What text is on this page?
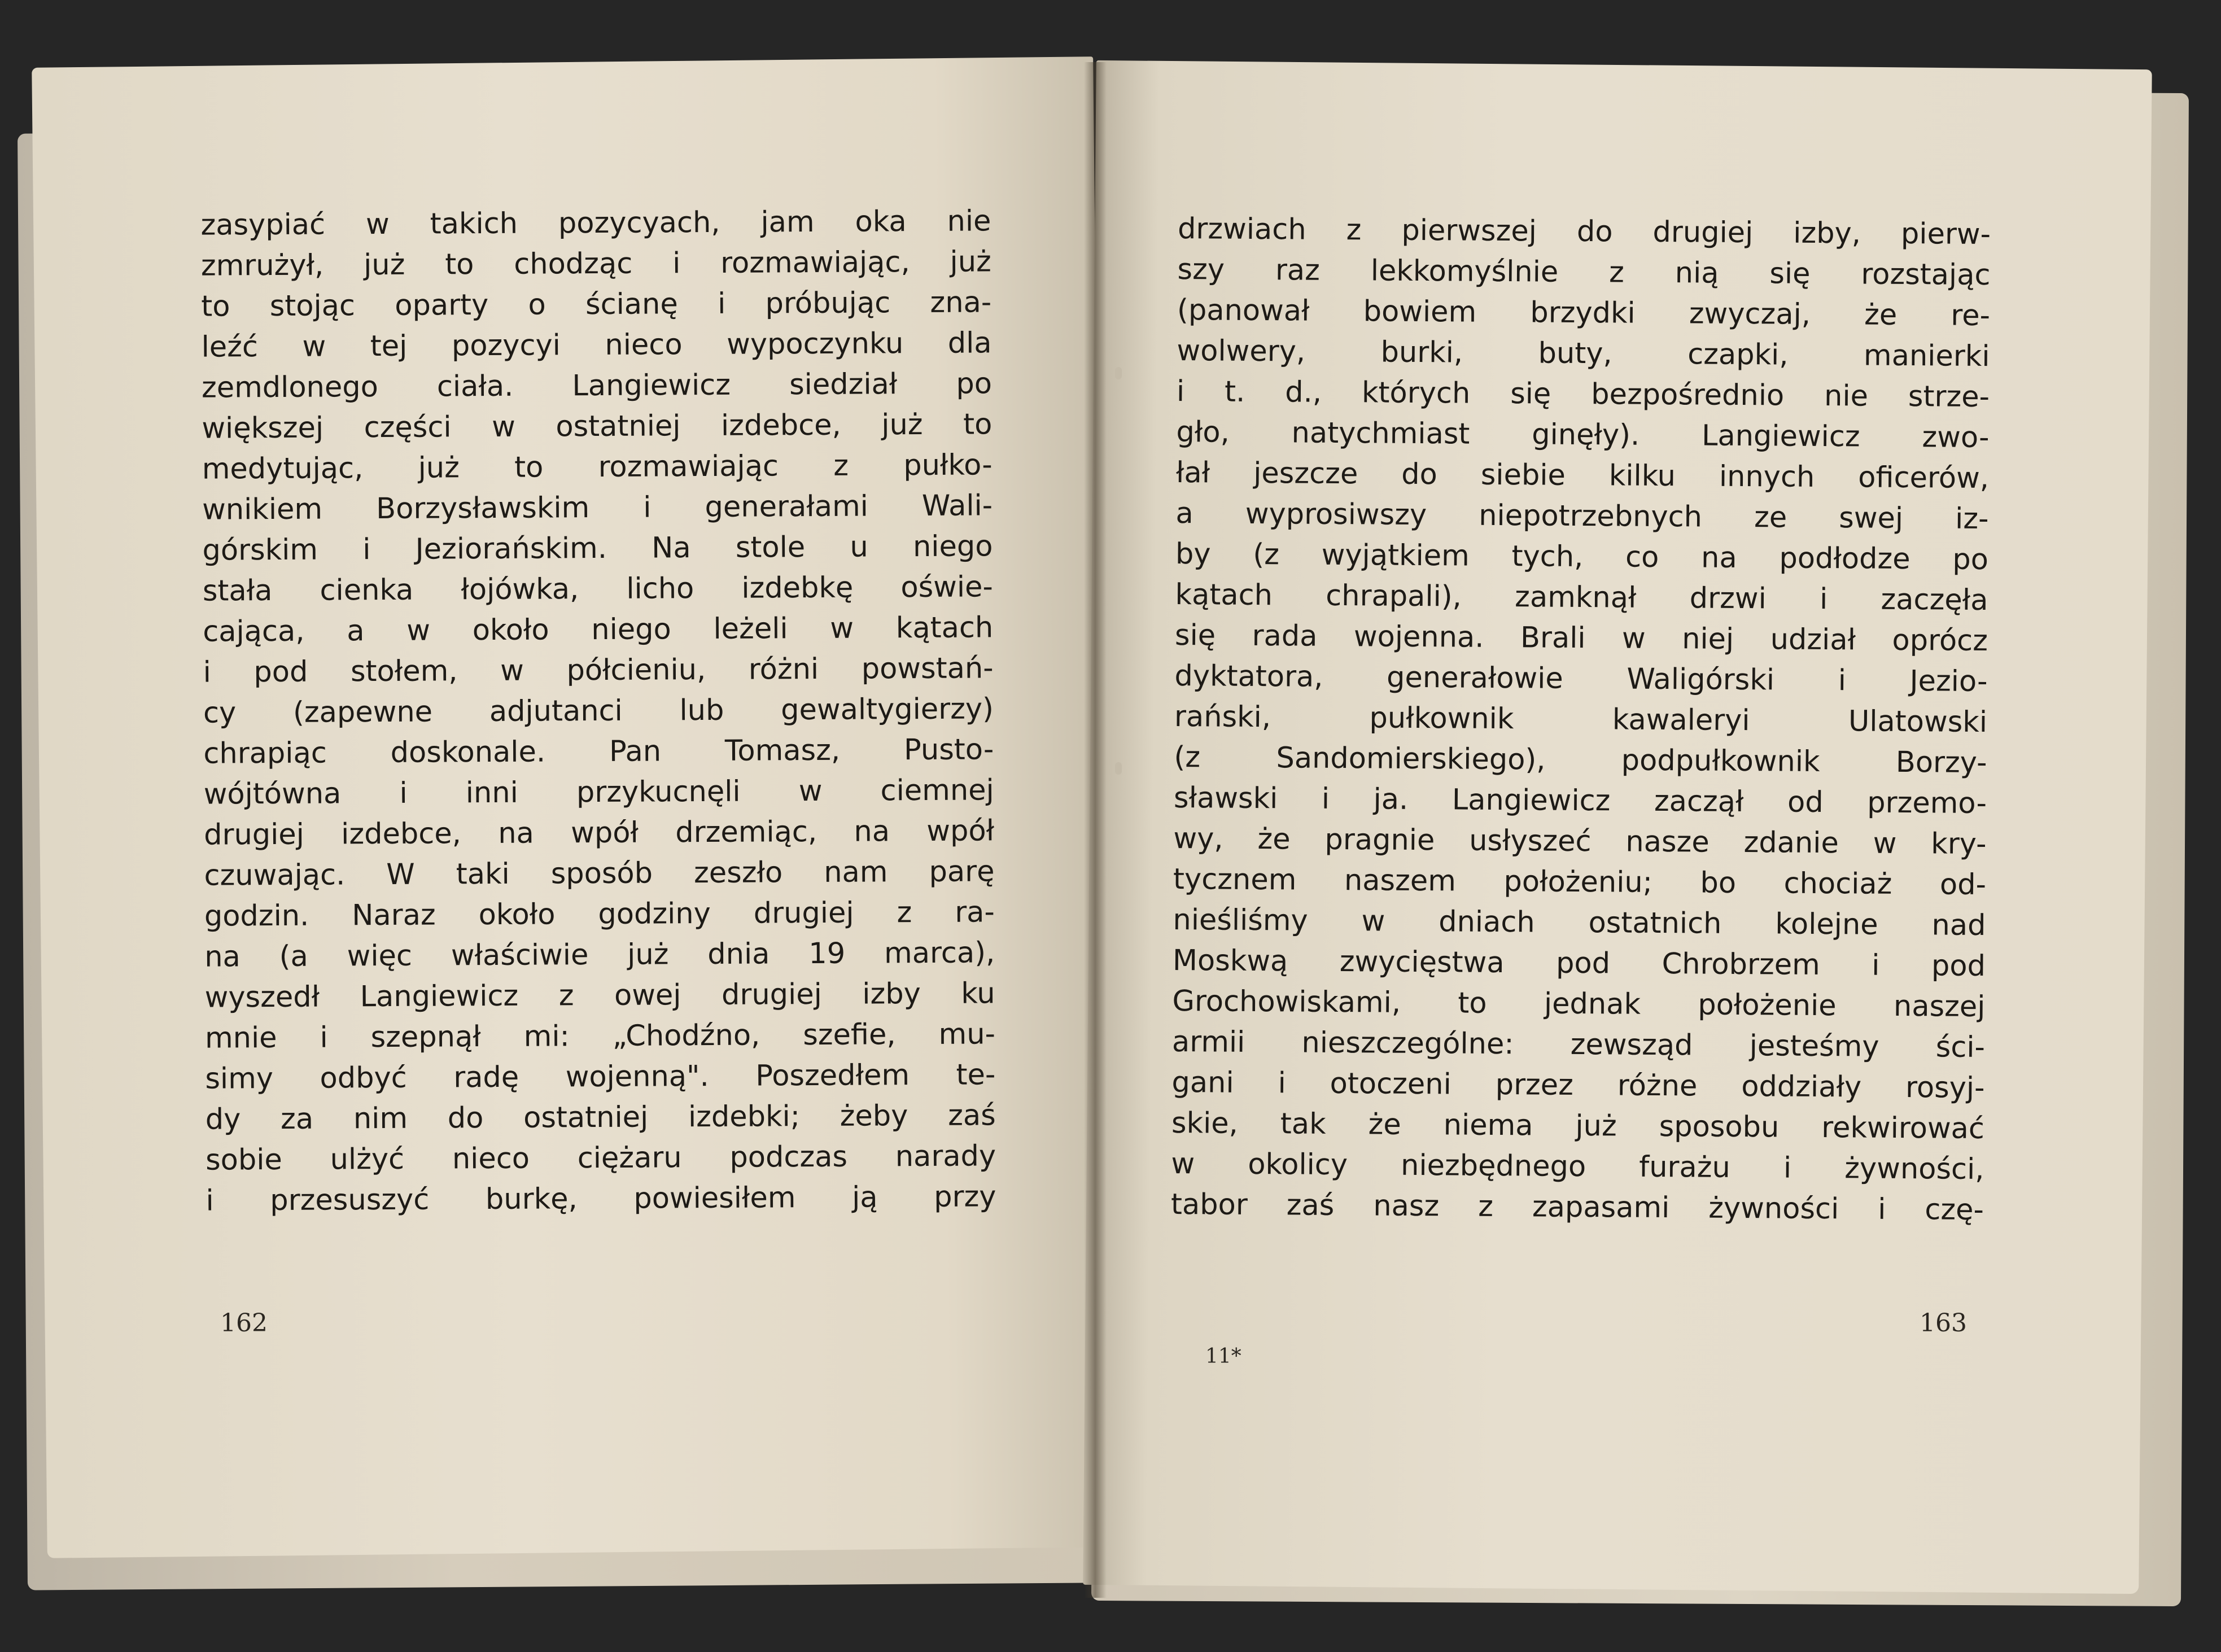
zasypiać w takich pozycyach, jam oka nie
zmrużył, już to chodząc i rozmawiając, już
to stojąc oparty o ścianę i próbując zna-
leźć w tej pozycyi nieco wypoczynku dla
zemdlonego ciała. Langiewicz siedział po
większej części w ostatniej izdebce, już to
medytując, już to rozmawiając z pułko-
wnikiem Borzysławskim i generałami Wali-
górskim i Jeziorańskim. Na stole u niego
stała cienka łojówka, licho izdebkę oświe-
cająca, a w około niego leżeli w kątach
i pod stołem, w półcieniu, różni powstań-
cy (zapewne adjutanci lub gewaltygierzy)
chrapiąc doskonale. Pan Tomasz, Pusto-
wójtówna i inni przykucnęli w ciemnej
drugiej izdebce, na wpół drzemiąc, na wpół
czuwając. W taki sposób zeszło nam parę
godzin. Naraz około godziny drugiej z ra-
na (a więc właściwie już dnia 19 marca),
wyszedł Langiewicz z owej drugiej izby ku
mnie i szepnął mi: „Chodźno, szefie, mu-
simy odbyć radę wojenną". Poszedłem te-
dy za nim do ostatniej izdebki; żeby zaś
sobie ulżyć nieco ciężaru podczas narady
i przesuszyć burkę, powiesiłem ją przy
162
drzwiach z pierwszej do drugiej izby, pierw-
szy raz lekkomyślnie z nią się rozstając
(panował bowiem brzydki zwyczaj, że re-
wolwery, burki, buty, czapki, manierki
i t. d., których się bezpośrednio nie strze-
gło, natychmiast ginęły). Langiewicz zwo-
łał jeszcze do siebie kilku innych oficerów,
a wyprosiwszy niepotrzebnych ze swej iz-
by (z wyjątkiem tych, co na podłodze po
kątach chrapali), zamknął drzwi i zaczęła
się rada wojenna. Brali w niej udział oprócz
dyktatora, generałowie Waligórski i Jezio-
rański, pułkownik kawaleryi Ulatowski
(z Sandomierskiego), podpułkownik Borzy-
sławski i ja. Langiewicz zaczął od przemo-
wy, że pragnie usłyszeć nasze zdanie w kry-
tycznem naszem położeniu; bo chociaż od-
nieśliśmy w dniach ostatnich kolejne nad
Moskwą zwycięstwa pod Chrobrzem i pod
Grochowiskami, to jednak położenie naszej
armii nieszczególne: zewsząd jesteśmy ści-
gani i otoczeni przez różne oddziały rosyj-
skie, tak że niema już sposobu rekwirować
w okolicy niezbędnego furażu i żywności,
tabor zaś nasz z zapasami żywności i czę-
163
11*
